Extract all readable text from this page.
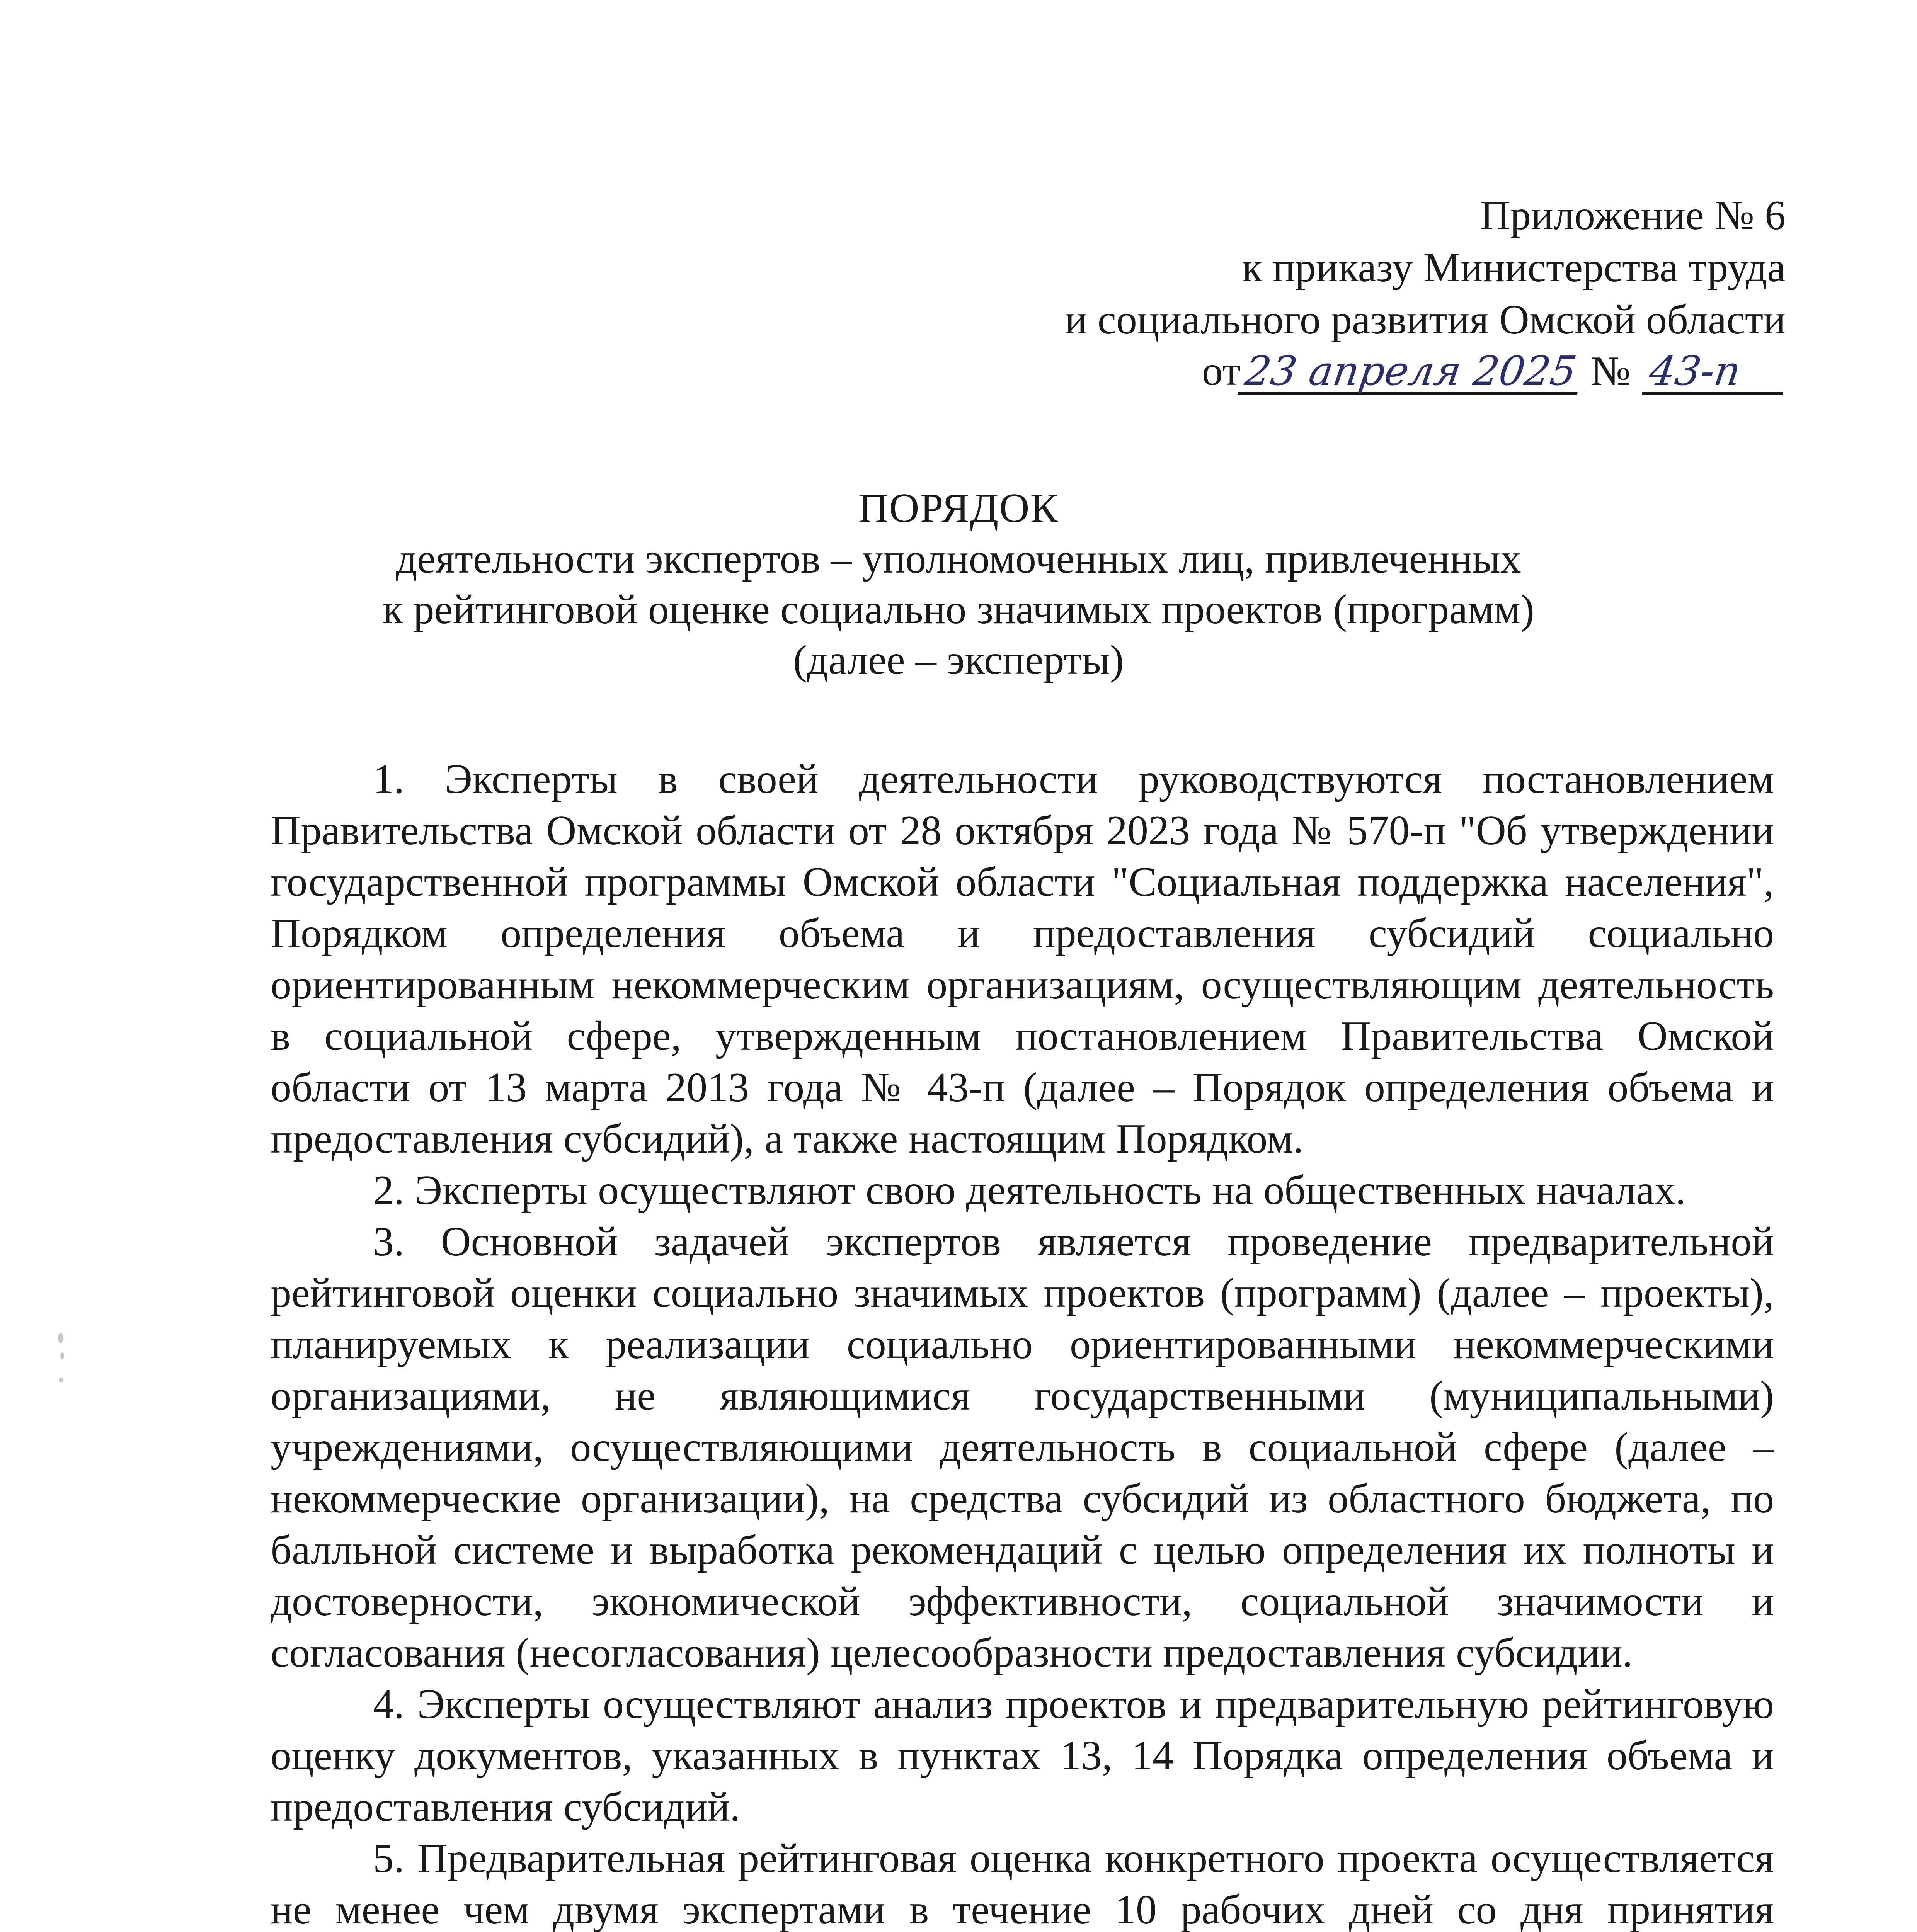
Приложение № 6
к приказу Министерства труда
и социального развития Омской области
от23 апреля 2025 № 43-п
ПОРЯДОК
деятельности экспертов – уполномоченных лиц, привлеченных
к рейтинговой оценке социально значимых проектов (программ)
(далее – эксперты)

1. Эксперты в своей деятельности руководствуются постановлением Правительства Омской области от 28 октября 2023 года № 570-п "Об утверждении государственной программы Омской области "Социальная поддержка населения", Порядком определения объема и предоставления субсидий социально ориентированным некоммерческим организациям, осуществляющим деятельность в социальной сфере, утвержденным постановлением Правительства Омской области от 13 марта 2013 года № 43-п (далее – Порядок определения объема и предоставления субсидий), а также настоящим Порядком.

2. Эксперты осуществляют свою деятельность на общественных началах.

3. Основной задачей экспертов является проведение предварительной рейтинговой оценки социально значимых проектов (программ) (далее – проекты), планируемых к реализации социально ориентированными некоммерческими организациями, не являющимися государственными (муниципальными) учреждениями, осуществляющими деятельность в социальной сфере (далее – некоммерческие организации), на средства субсидий из областного бюджета, по балльной системе и выработка рекомендаций с целью определения их полноты и достоверности, экономической эффективности, социальной значимости и согласования (несогласования) целесообразности предоставления субсидии.

4. Эксперты осуществляют анализ проектов и предварительную рейтинговую оценку документов, указанных в пунктах 13, 14 Порядка определения объема и предоставления субсидий.

5. Предварительная рейтинговая оценка конкретного проекта осуществляется не менее чем двумя экспертами в течение 10 рабочих дней со дня принятия
